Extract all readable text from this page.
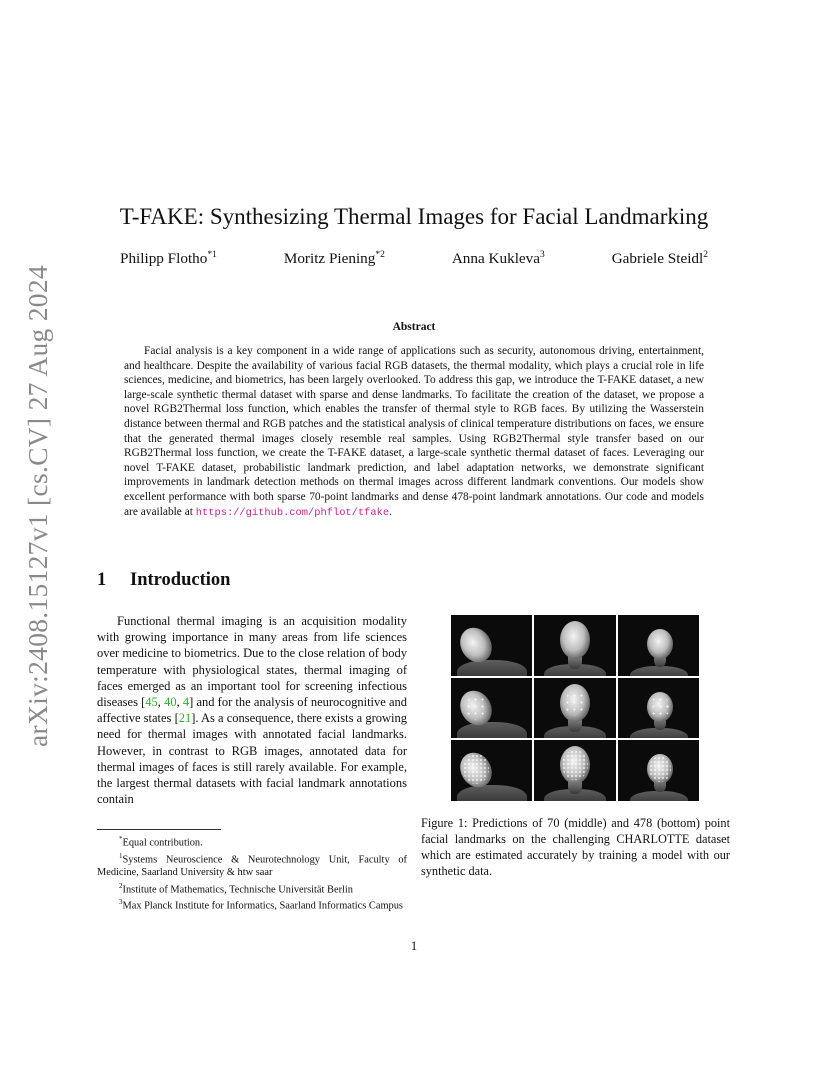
arXiv:2408.15127v1 [cs.CV] 27 Aug 2024
T-FAKE: Synthesizing Thermal Images for Facial Landmarking
Philipp Flotho$^{*1}$	Moritz Piening$^{*2}$	Anna Kukleva$^3$	Gabriele Steidl$^2$
Abstract

Facial analysis is a key component in a wide range of applications such as security, autonomous driving, entertainment, and healthcare. Despite the availability of various facial RGB datasets, the thermal modality, which plays a crucial role in life sciences, medicine, and biometrics, has been largely overlooked. To address this gap, we introduce the T-FAKE dataset, a new large-scale synthetic thermal dataset with sparse and dense landmarks. To facilitate the creation of the dataset, we propose a novel RGB2Thermal loss function, which enables the transfer of thermal style to RGB faces. By utilizing the Wasserstein distance between thermal and RGB patches and the statistical analysis of clinical temperature distributions on faces, we ensure that the generated thermal images closely resemble real samples. Using RGB2Thermal style transfer based on our RGB2Thermal loss function, we create the T-FAKE dataset, a large-scale synthetic thermal dataset of faces. Leveraging our novel T-FAKE dataset, probabilistic landmark prediction, and label adaptation networks, we demonstrate significant improvements in landmark detection methods on thermal images across different landmark conventions. Our models show excellent performance with both sparse 70-point landmarks and dense 478-point landmark annotations. Our code and models are available at https://github.com/phflot/tfake.

1 Introduction

Functional thermal imaging is an acquisition modality with growing importance in many areas from life sciences over medicine to biometrics. Due to the close relation of body temperature with physiological states, thermal imaging of faces emerged as an important tool for screening infectious diseases [45, 40, 4] and for the analysis of neurocognitive and affective states [21]. As a consequence, there exists a growing need for thermal images with annotated facial landmarks. However, in contrast to RGB images, annotated data for thermal images of faces is still rarely available. For example, the largest thermal datasets with facial landmark annotations contain

*Equal contribution.

$^1$Systems Neuroscience & Neurotechnology Unit, Faculty of Medicine, Saarland University & htw saar

$^2$Institute of Mathematics, Technische Universität Berlin

$^3$Max Planck Institute for Informatics, Saarland Informatics Campus

Figure 1: Predictions of 70 (middle) and 478 (bottom) point facial landmarks on the challenging CHARLOTTE dataset which are estimated accurately by training a model with our synthetic data.

1
